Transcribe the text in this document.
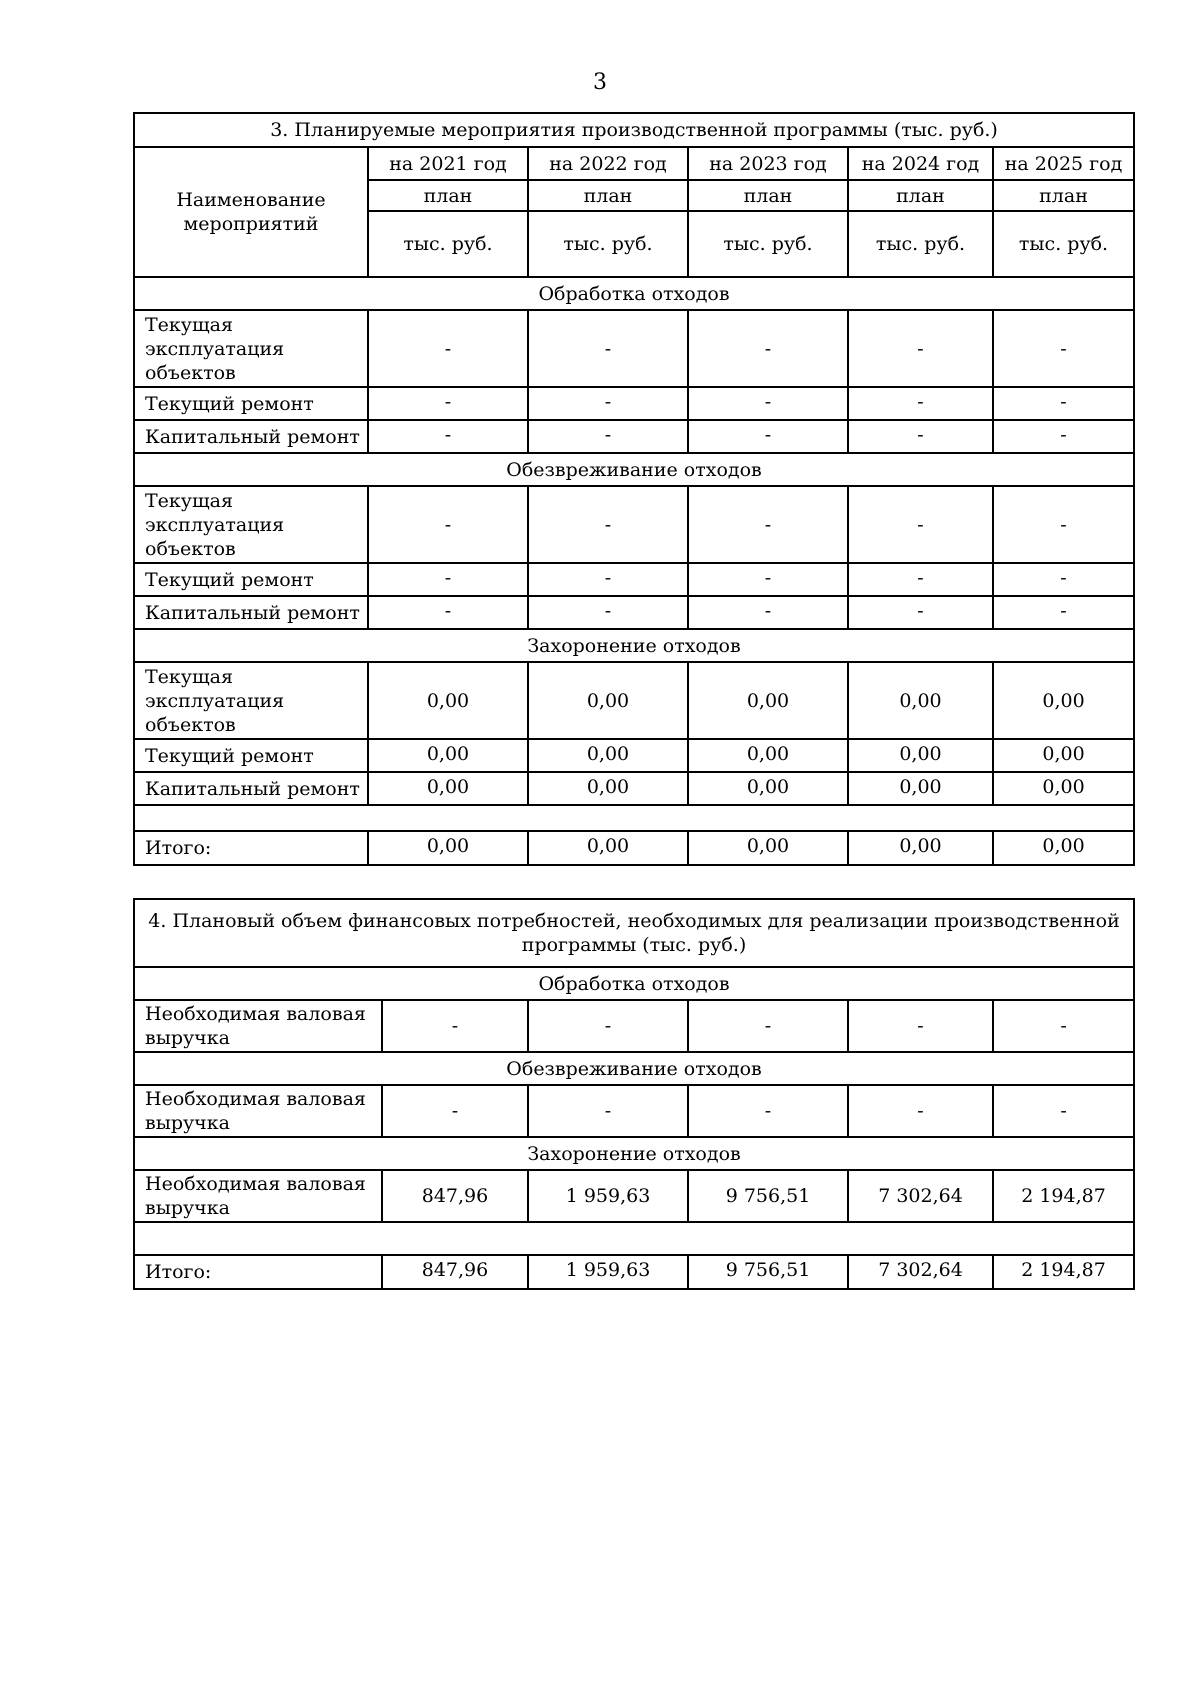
3
3. Планируемые мероприятия производственной программы (тыс. руб.)					
Наименование мероприятий	на 2021 год	на 2022 год	на 2023 год	на 2024 год	на 2025 год
	план	план	план	план	план
	тыс. руб.	тыс. руб.	тыс. руб.	тыс. руб.	тыс. руб.
Обработка отходов					
Текущая эксплуатация объектов	-	-	-	-	-
Текущий ремонт	-	-	-	-	-
Капитальный ремонт	-	-	-	-	-
Обезвреживание отходов					
Текущая эксплуатация объектов	-	-	-	-	-
Текущий ремонт	-	-	-	-	-
Капитальный ремонт	-	-	-	-	-
Захоронение отходов					
Текущая эксплуатация объектов	0,00	0,00	0,00	0,00	0,00
Текущий ремонт	0,00	0,00	0,00	0,00	0,00
Капитальный ремонт	0,00	0,00	0,00	0,00	0,00

Итого:	0,00	0,00	0,00	0,00	0,00
4. Плановый объем финансовых потребностей, необходимых для реализации производственной программы (тыс. руб.)					
Обработка отходов					
Необходимая валовая выручка	-	-	-	-	-
Обезвреживание отходов					
Необходимая валовая выручка	-	-	-	-	-
Захоронение отходов					
Необходимая валовая выручка	847,96	1 959,63	9 756,51	7 302,64	2 194,87

Итого:	847,96	1 959,63	9 756,51	7 302,64	2 194,87
